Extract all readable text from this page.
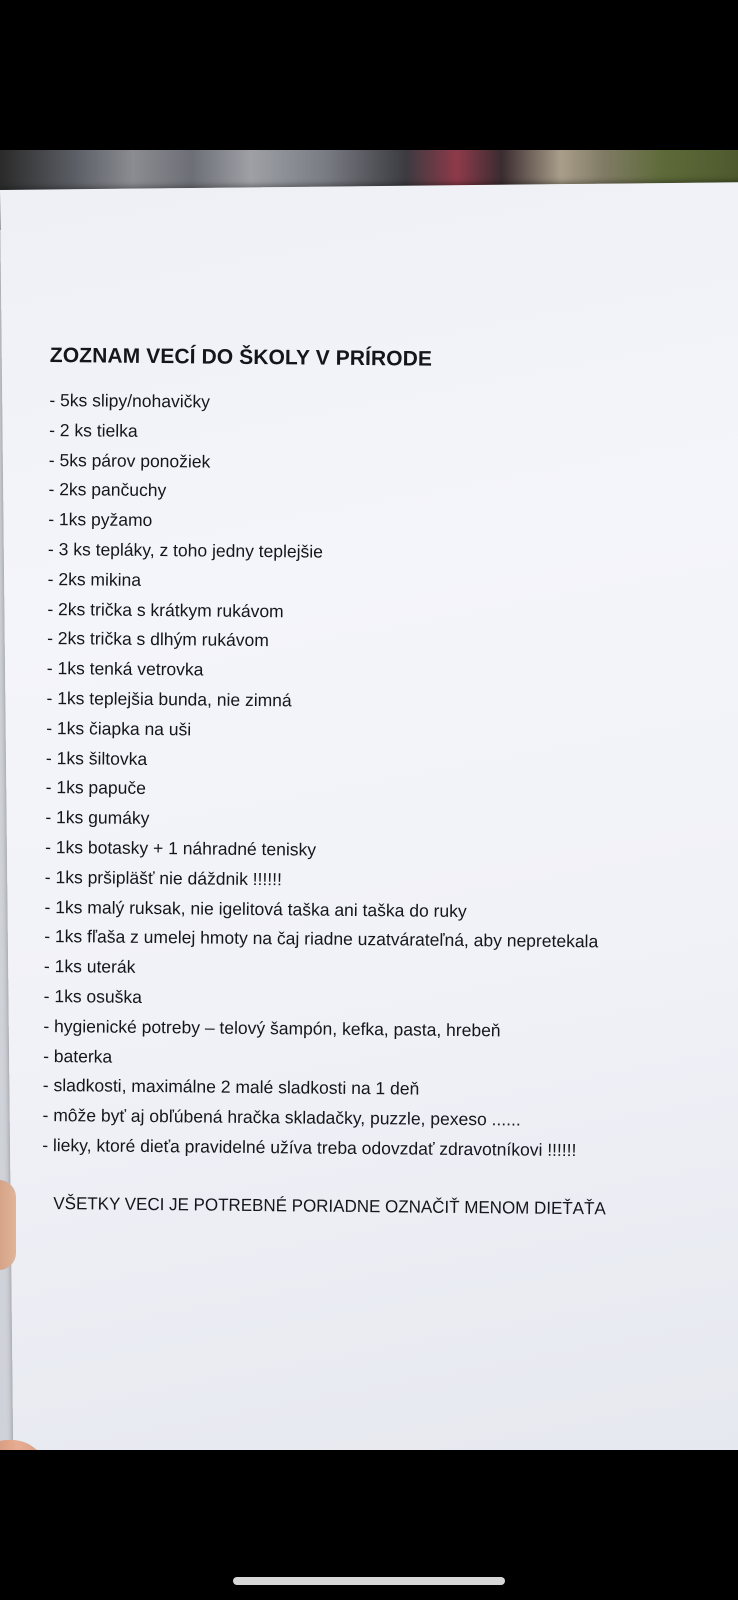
ZOZNAM VECÍ DO ŠKOLY V PRÍRODE
- 5ks slipy/nohavičky
- 2 ks tielka
- 5ks párov ponožiek
- 2ks pančuchy
- 1ks pyžamo
- 3 ks tepláky, z toho jedny teplejšie
- 2ks mikina
- 2ks trička s krátkym rukávom
- 2ks trička s dlhým rukávom
- 1ks tenká vetrovka
- 1ks teplejšia bunda, nie zimná
- 1ks čiapka na uši
- 1ks šiltovka
- 1ks papuče
- 1ks gumáky
- 1ks botasky + 1 náhradné tenisky
- 1ks pršipläšť nie dáždnik !!!!!!
- 1ks malý ruksak, nie igelitová taška ani taška do ruky
- 1ks fľaša z umelej hmoty na čaj riadne uzatvárateľná, aby nepretekala
- 1ks uterák
- 1ks osuška
- hygienické potreby – telový šampón, kefka, pasta, hrebeň
- baterka
- sladkosti, maximálne 2 malé sladkosti na 1 deň
- môže byť aj obľúbená hračka skladačky, puzzle, pexeso ......
- lieky, ktoré dieťa pravidelné užíva treba odovzdať zdravotníkovi !!!!!!
VŠETKY VECI JE POTREBNÉ PORIADNE OZNAČIŤ MENOM DIEŤAŤA
